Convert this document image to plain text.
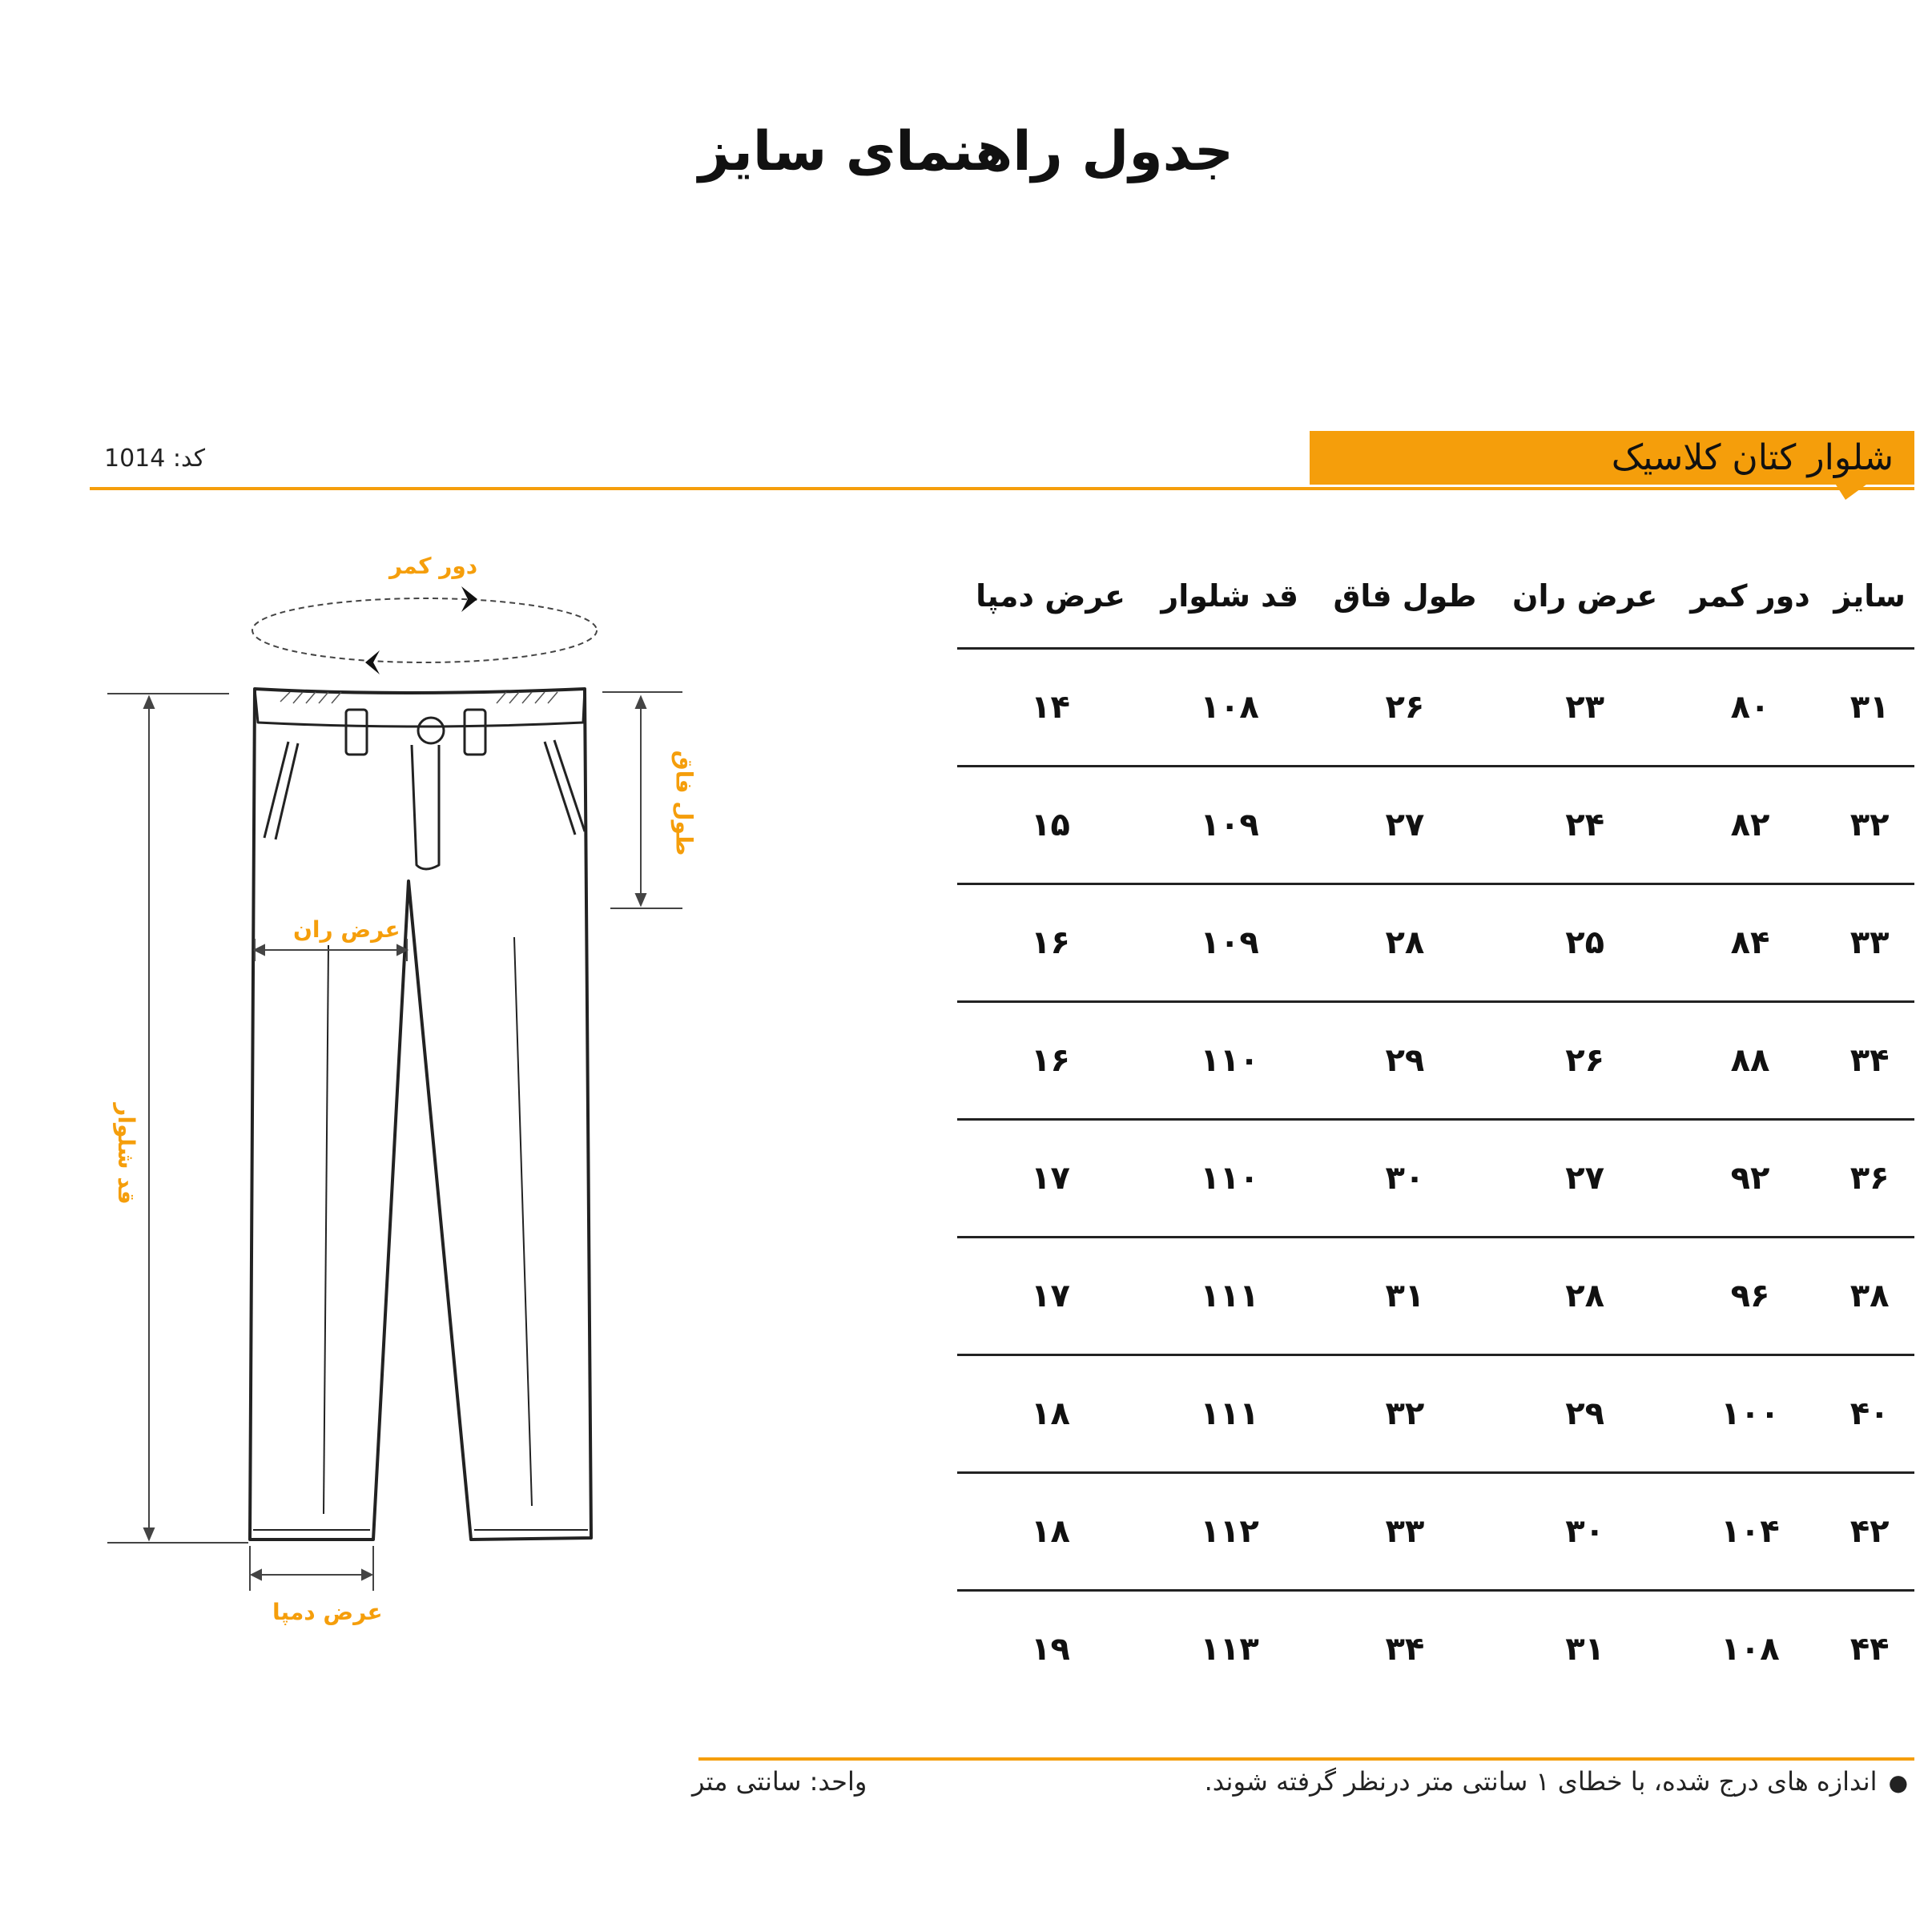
جدول راهنمای سایز
کد: 1014	شلوار کتان کلاسیک
سایز	دور کمر	عرض ران	طول فاق	قد شلوار	عرض دمپا
۳۱	۸۰	۲۳	۲۶	۱۰۸	۱۴
۳۲	۸۲	۲۴	۲۷	۱۰۹	۱۵
۳۳	۸۴	۲۵	۲۸	۱۰۹	۱۶
۳۴	۸۸	۲۶	۲۹	۱۱۰	۱۶
۳۶	۹۲	۲۷	۳۰	۱۱۰	۱۷
۳۸	۹۶	۲۸	۳۱	۱۱۱	۱۷
۴۰	۱۰۰	۲۹	۳۲	۱۱۱	۱۸
۴۲	۱۰۴	۳۰	۳۳	۱۱۲	۱۸
۴۴	۱۰۸	۳۱	۳۴	۱۱۳	۱۹
دور کمر
طول فاق
عرض ران
قد شلوار
عرض دمپا
●اندازه های درج شده، با خطای ۱ سانتی متر درنظر گرفته شوند.
واحد: سانتی متر
